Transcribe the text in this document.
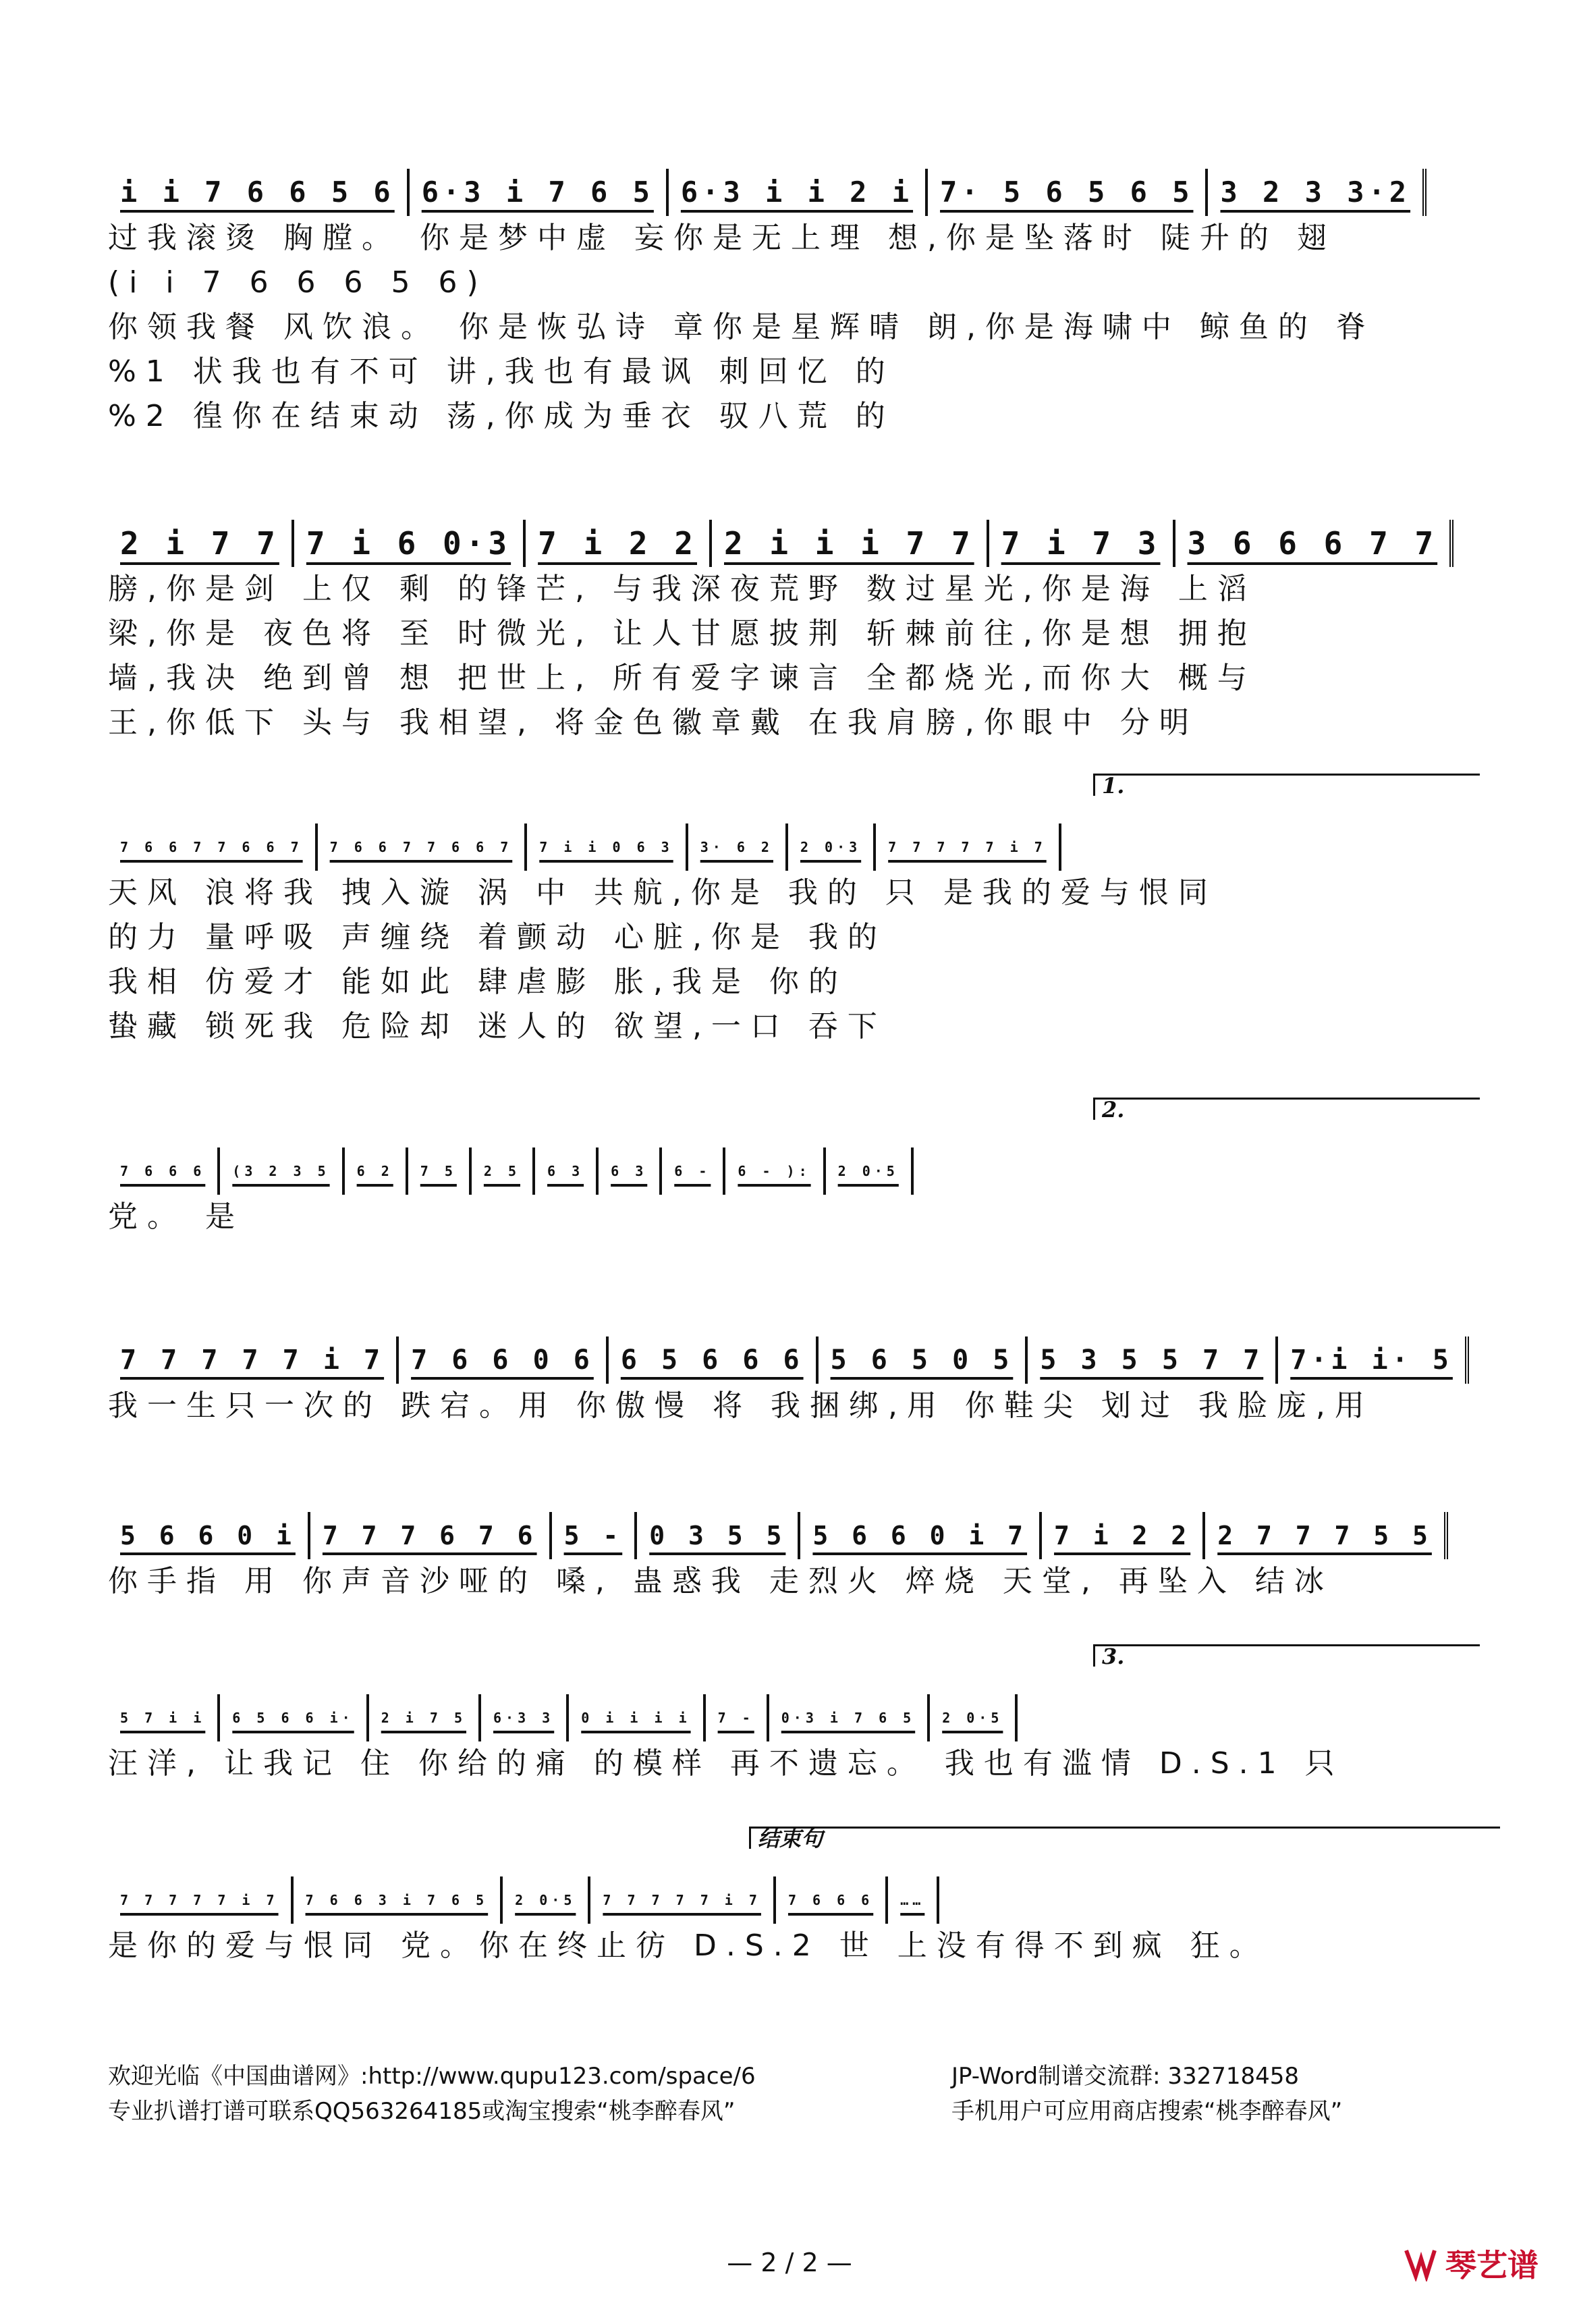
i i 7 6 6 5 6 6·3 i 7 6 5 6·3 i i 2 i 7· 5 6 5 6 5 3 2 3 3·2
过我滚烫 胸膛。 你是梦中虚 妄你是无上理 想,你是坠落时 陡升的 翅
(i i 7 6 6 6 5 6)
你领我餐 风饮浪。 你是恢弘诗 章你是星辉晴 朗,你是海啸中 鲸鱼的 脊
%1 状我也有不可 讲,我也有最讽 刺回忆 的
%2 徨你在结束动 荡,你成为垂衣 驭八荒 的
2 i 7 7 7 i 6 0·3 7 i 2 2 2 i i i 7 7 7 i 7 3 3 6 6 6 7 7
膀,你是剑 上仅 剩 的锋芒, 与我深夜荒野 数过星光,你是海 上滔
梁,你是 夜色将 至 时微光, 让人甘愿披荆 斩棘前往,你是想 拥抱
墙,我决 绝到曾 想 把世上, 所有爱字谏言 全都烧光,而你大 概与
王,你低下 头与 我相望, 将金色徽章戴 在我肩膀,你眼中 分明
7 6 6 7 7 6 6 7	7 6 6 7 7 6 6 7	7 i i 0 6 3	3· 6 2	2 0·3	7 7 7 7 7 i 7
1.
天风 浪将我 拽入漩 涡 中 共航,你是 我的 只 是我的爱与恨同
的力 量呼吸 声缠绕 着颤动 心脏,你是 我的
我相 仿爱才 能如此 肆虐膨 胀,我是 你的
蛰藏 锁死我 危险却 迷人的 欲望,一口 吞下
7 6 6 6	(3 2 3 5	6 2	7 5	2 5	6 3	6 3	6 -	6 - ):	2 0·5
2.
党。 是
7 7 7 7 7 i 7	7 6 6 0 6	6 5 6 6 6	5 6 5 0 5	5 3 5 5 7 7	7·i i· 5
我一生只一次的 跌宕。用 你傲慢 将 我捆绑,用 你鞋尖 划过 我脸庞,用
5 6 6 0 i	7 7 7 6 7 6	5 -	0 3 5 5	5 6 6 0 i 7	7 i 2 2	2 7 7 7 5 5
你手指 用 你声音沙哑的 嗓, 蛊惑我 走烈火 焠烧 天堂, 再坠入 结冰
5 7 i i	6 5 6 6 i·	2 i 7 5	6·3 3	0 i i i i	7 -	0·3 i 7 6 5	2 0·5
3.
汪洋, 让我记 住 你给的痛 的模样 再不遗忘。 我也有滥情 D.S.1 只
7 7 7 7 7 i 7	7 6 6 3 i 7 6 5	2 0·5	7 7 7 7 7 i 7	7 6 6 6	……
结束句
是你的爱与恨同 党。你在终止彷 D.S.2 世 上没有得不到疯 狂。
欢迎光临《中国曲谱网》:http://www.qupu123.com/space/6
专业扒谱打谱可联系QQ563264185或淘宝搜索“桃李醉春风”
JP-Word制谱交流群: 332718458
手机用户可应用商店搜索“桃李醉春风”
— 2 / 2 —	琴艺谱
